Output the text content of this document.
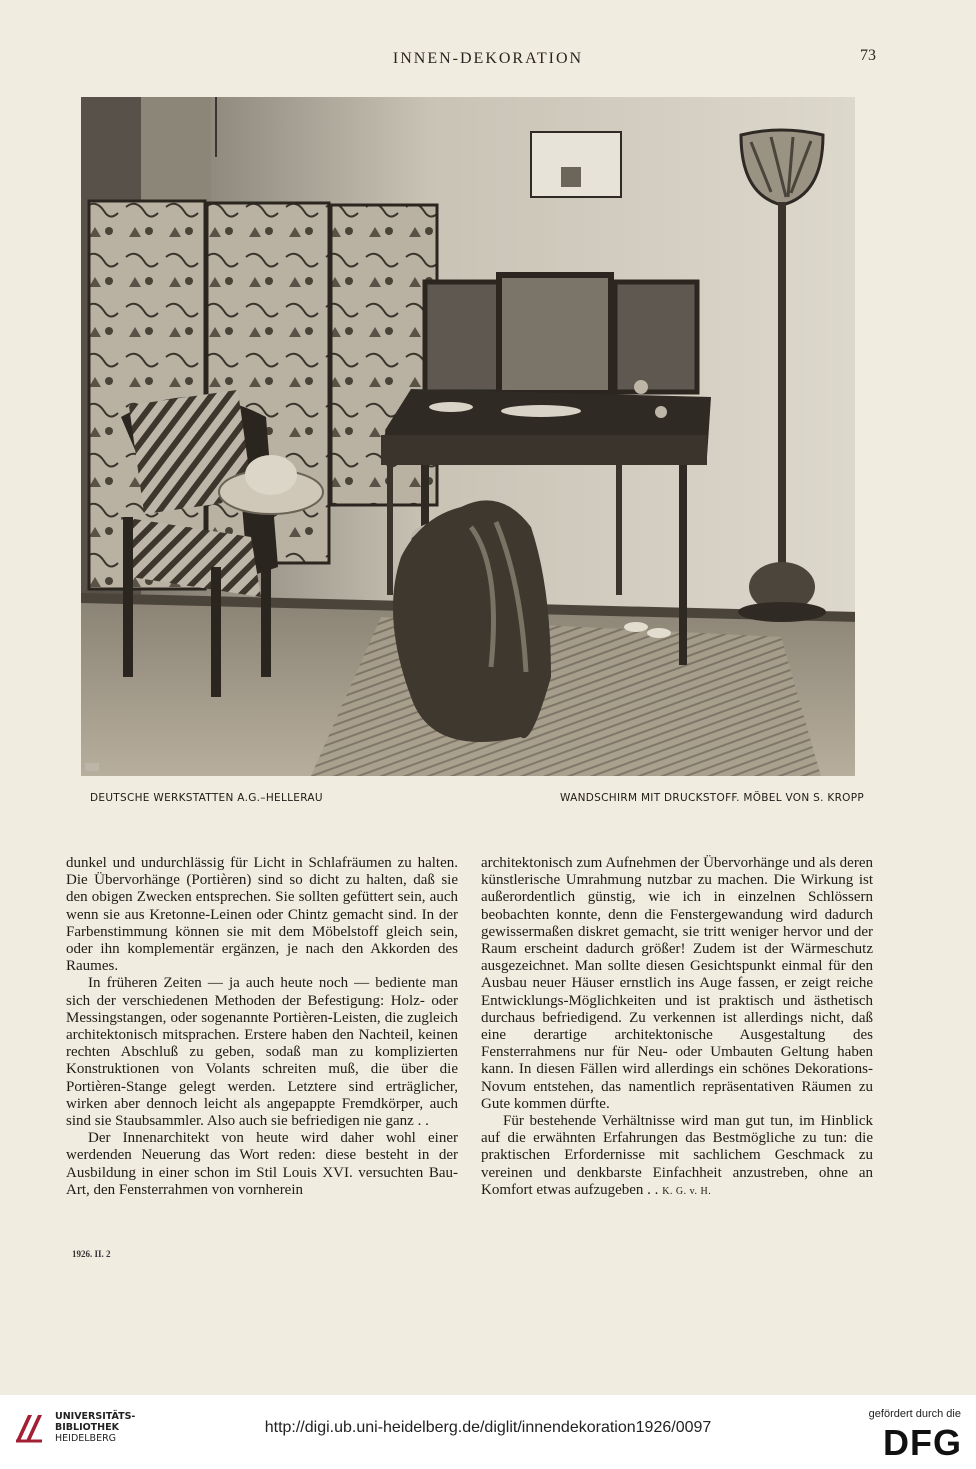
INNEN-DEKORATION	73
DEUTSCHE WERKSTATTEN A.G.–HELLERAU	WANDSCHIRM MIT DRUCKSTOFF. MÖBEL VON S. KROPP

dunkel und undurchlässig für Licht in Schlafräumen zu halten. Die Übervorhänge (Portièren) sind so dicht zu halten, daß sie den obigen Zwecken entsprechen. Sie sollten gefüttert sein, auch wenn sie aus Kretonne-Leinen oder Chintz gemacht sind. In der Farbenstimmung können sie mit dem Möbelstoff gleich sein, oder ihn komplementär ergänzen, je nach den Akkorden des Raumes.

In früheren Zeiten — ja auch heute noch — bediente man sich der verschiedenen Methoden der Befestigung: Holz- oder Messingstangen, oder sogenannte Portièren-Leisten, die zugleich architektonisch mitsprachen. Erstere haben den Nachteil, keinen rechten Abschluß zu geben, sodaß man zu komplizierten Konstruktionen von Volants schreiten muß, die über die Portièren-Stange gelegt werden. Letztere sind erträglicher, wirken aber dennoch leicht als angepappte Fremdkörper, auch sind sie Staubsammler. Also auch sie befriedigen nie ganz . .

Der Innenarchitekt von heute wird daher wohl einer werdenden Neuerung das Wort reden: diese besteht in der Ausbildung in einer schon im Stil Louis XVI. versuchten Bau-Art, den Fensterrahmen von vornherein

architektonisch zum Aufnehmen der Übervorhänge und als deren künstlerische Umrahmung nutzbar zu machen. Die Wirkung ist außerordentlich günstig, wie ich in einzelnen Schlössern beobachten konnte, denn die Fenstergewandung wird dadurch gewissermaßen diskret gemacht, sie tritt weniger hervor und der Raum erscheint dadurch größer! Zudem ist der Wärmeschutz ausgezeichnet. Man sollte diesen Gesichtspunkt einmal für den Ausbau neuer Häuser ernstlich ins Auge fassen, er zeigt reiche Entwicklungs-Möglichkeiten und ist praktisch und ästhetisch durchaus befriedigend. Zu verkennen ist allerdings nicht, daß eine derartige architektonische Ausgestaltung des Fensterrahmens nur für Neu- oder Umbauten Geltung haben kann. In diesen Fällen wird allerdings ein schönes Dekorations-Novum entstehen, das namentlich repräsentativen Räumen zu Gute kommen dürfte.

Für bestehende Verhältnisse wird man gut tun, im Hinblick auf die erwähnten Erfahrungen das Bestmögliche zu tun: die praktischen Erfordernisse mit sachlichem Geschmack zu vereinen und denkbarste Einfachheit anzustreben, ohne an Komfort etwas aufzugeben . . K. G. v. H.

1926. II. 2
UNIVERSITÄTS-
BIBLIOTHEK
HEIDELBERG
http://digi.ub.uni-heidelberg.de/diglit/innendekoration1926/0097
gefördert durch die
DFG
